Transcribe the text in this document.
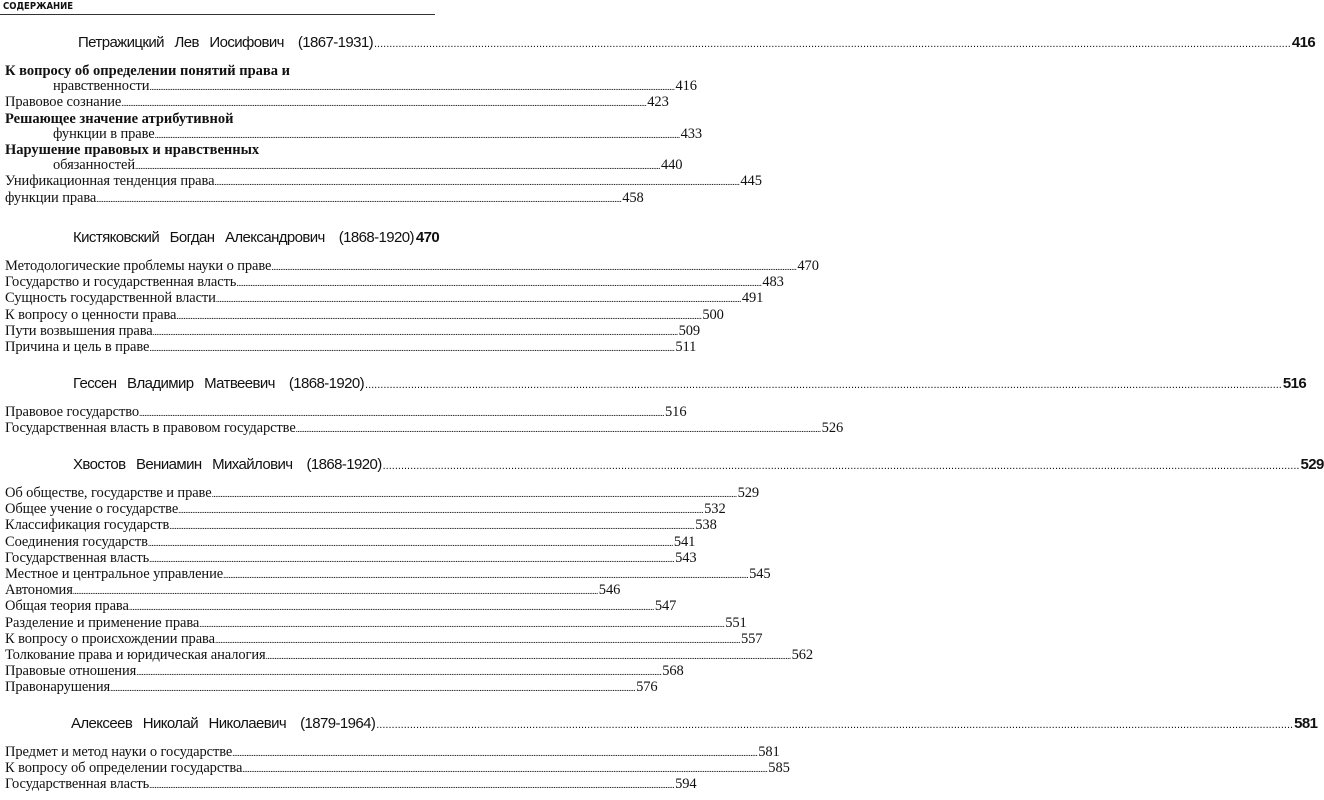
СОДЕРЖАНИЕ
Петражицкий Лев Иосифович (1867-1931) ............................................................................................................................................................................................................................................................................................................ 416
К вопросу об определении понятий права и
нравственности ............................................................................................................................................................................................................................................................................................................ 416
Правовое сознание ............................................................................................................................................................................................................................................................................................................ 423
Решающее значение атрибутивной
функции в праве ............................................................................................................................................................................................................................................................................................................ 433
Нарушение правовых и нравственных
обязанностей ............................................................................................................................................................................................................................................................................................................ 440
Унификационная тенденция права ............................................................................................................................................................................................................................................................................................................ 445
функции права ............................................................................................................................................................................................................................................................................................................ 458
Кистяковский Богдан Александрович (1868-1920) 470
Методологические проблемы науки о праве ............................................................................................................................................................................................................................................................................................................ 470
Государство и государственная власть ............................................................................................................................................................................................................................................................................................................ 483
Сущность государственной власти ............................................................................................................................................................................................................................................................................................................ 491
К вопросу о ценности права ............................................................................................................................................................................................................................................................................................................ 500
Пути возвышения права ............................................................................................................................................................................................................................................................................................................ 509
Причина и цель в праве ............................................................................................................................................................................................................................................................................................................ 511
Гессен Владимир Матвеевич (1868-1920) ............................................................................................................................................................................................................................................................................................................ 516
Правовое государство ............................................................................................................................................................................................................................................................................................................ 516
Государственная власть в правовом государстве ............................................................................................................................................................................................................................................................................................................ 526
Хвостов Вениамин Михайлович (1868-1920) ............................................................................................................................................................................................................................................................................................................ 529
Об обществе, государстве и праве ............................................................................................................................................................................................................................................................................................................ 529
Общее учение о государстве ............................................................................................................................................................................................................................................................................................................ 532
Классификация государств ............................................................................................................................................................................................................................................................................................................ 538
Соединения государств ............................................................................................................................................................................................................................................................................................................ 541
Государственная власть ............................................................................................................................................................................................................................................................................................................ 543
Местное и центральное управление ............................................................................................................................................................................................................................................................................................................ 545
Автономия ............................................................................................................................................................................................................................................................................................................ 546
Общая теория права ............................................................................................................................................................................................................................................................................................................ 547
Разделение и применение права ............................................................................................................................................................................................................................................................................................................ 551
К вопросу о происхождении права ............................................................................................................................................................................................................................................................................................................ 557
Толкование права и юридическая аналогия ............................................................................................................................................................................................................................................................................................................ 562
Правовые отношения ............................................................................................................................................................................................................................................................................................................ 568
Правонарушения ............................................................................................................................................................................................................................................................................................................ 576
Алексеев Николай Николаевич (1879-1964) ............................................................................................................................................................................................................................................................................................................ 581
Предмет и метод науки о государстве ............................................................................................................................................................................................................................................................................................................ 581
К вопросу об определении государства ............................................................................................................................................................................................................................................................................................................ 585
Государственная власть ............................................................................................................................................................................................................................................................................................................ 594
